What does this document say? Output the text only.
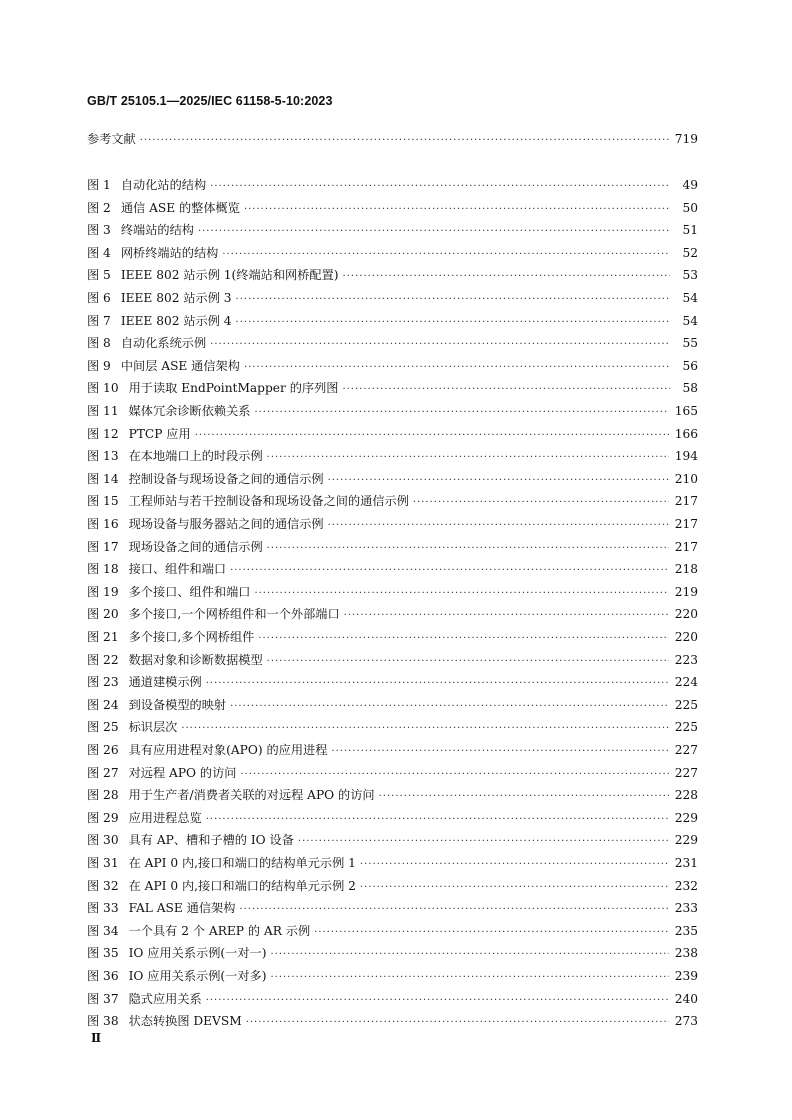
GB/T 25105.1—2025/IEC 61158-5-10:2023
参考文献 ·····	719
图 1 自动化站的结构 ·····	49
图 2 通信 ASE 的整体概览 ·····	50
图 3 终端站的结构 ·····	51
图 4 网桥终端站的结构 ·····	52
图 5 IEEE 802 站示例 1(终端站和网桥配置) ·····	53
图 6 IEEE 802 站示例 3 ·····	54
图 7 IEEE 802 站示例 4 ·····	54
图 8 自动化系统示例 ·····	55
图 9 中间层 ASE 通信架构 ·····	56
图 10 用于读取 EndPointMapper 的序列图 ·····	58
图 11 媒体冗余诊断依赖关系 ·····	165
图 12 PTCP 应用 ·····	166
图 13 在本地端口上的时段示例 ·····	194
图 14 控制设备与现场设备之间的通信示例 ·····	210
图 15 工程师站与若干控制设备和现场设备之间的通信示例 ·····	217
图 16 现场设备与服务器站之间的通信示例 ·····	217
图 17 现场设备之间的通信示例 ·····	217
图 18 接口、组件和端口 ·····	218
图 19 多个接口、组件和端口 ·····	219
图 20 多个接口,一个网桥组件和一个外部端口 ·····	220
图 21 多个接口,多个网桥组件 ·····	220
图 22 数据对象和诊断数据模型 ·····	223
图 23 通道建模示例 ·····	224
图 24 到设备模型的映射 ·····	225
图 25 标识层次 ·····	225
图 26 具有应用进程对象(APO) 的应用进程 ·····	227
图 27 对远程 APO 的访问 ·····	227
图 28 用于生产者/消费者关联的对远程 APO 的访问 ·····	228
图 29 应用进程总览 ·····	229
图 30 具有 AP、槽和子槽的 IO 设备 ·····	229
图 31 在 API 0 内,接口和端口的结构单元示例 1 ·····	231
图 32 在 API 0 内,接口和端口的结构单元示例 2 ·····	232
图 33 FAL ASE 通信架构 ·····	233
图 34 一个具有 2 个 AREP 的 AR 示例 ·····	235
图 35 IO 应用关系示例(一对一) ·····	238
图 36 IO 应用关系示例(一对多) ·····	239
图 37 隐式应用关系 ·····	240
图 38 状态转换图 DEVSM ·····	273
Ⅱ
